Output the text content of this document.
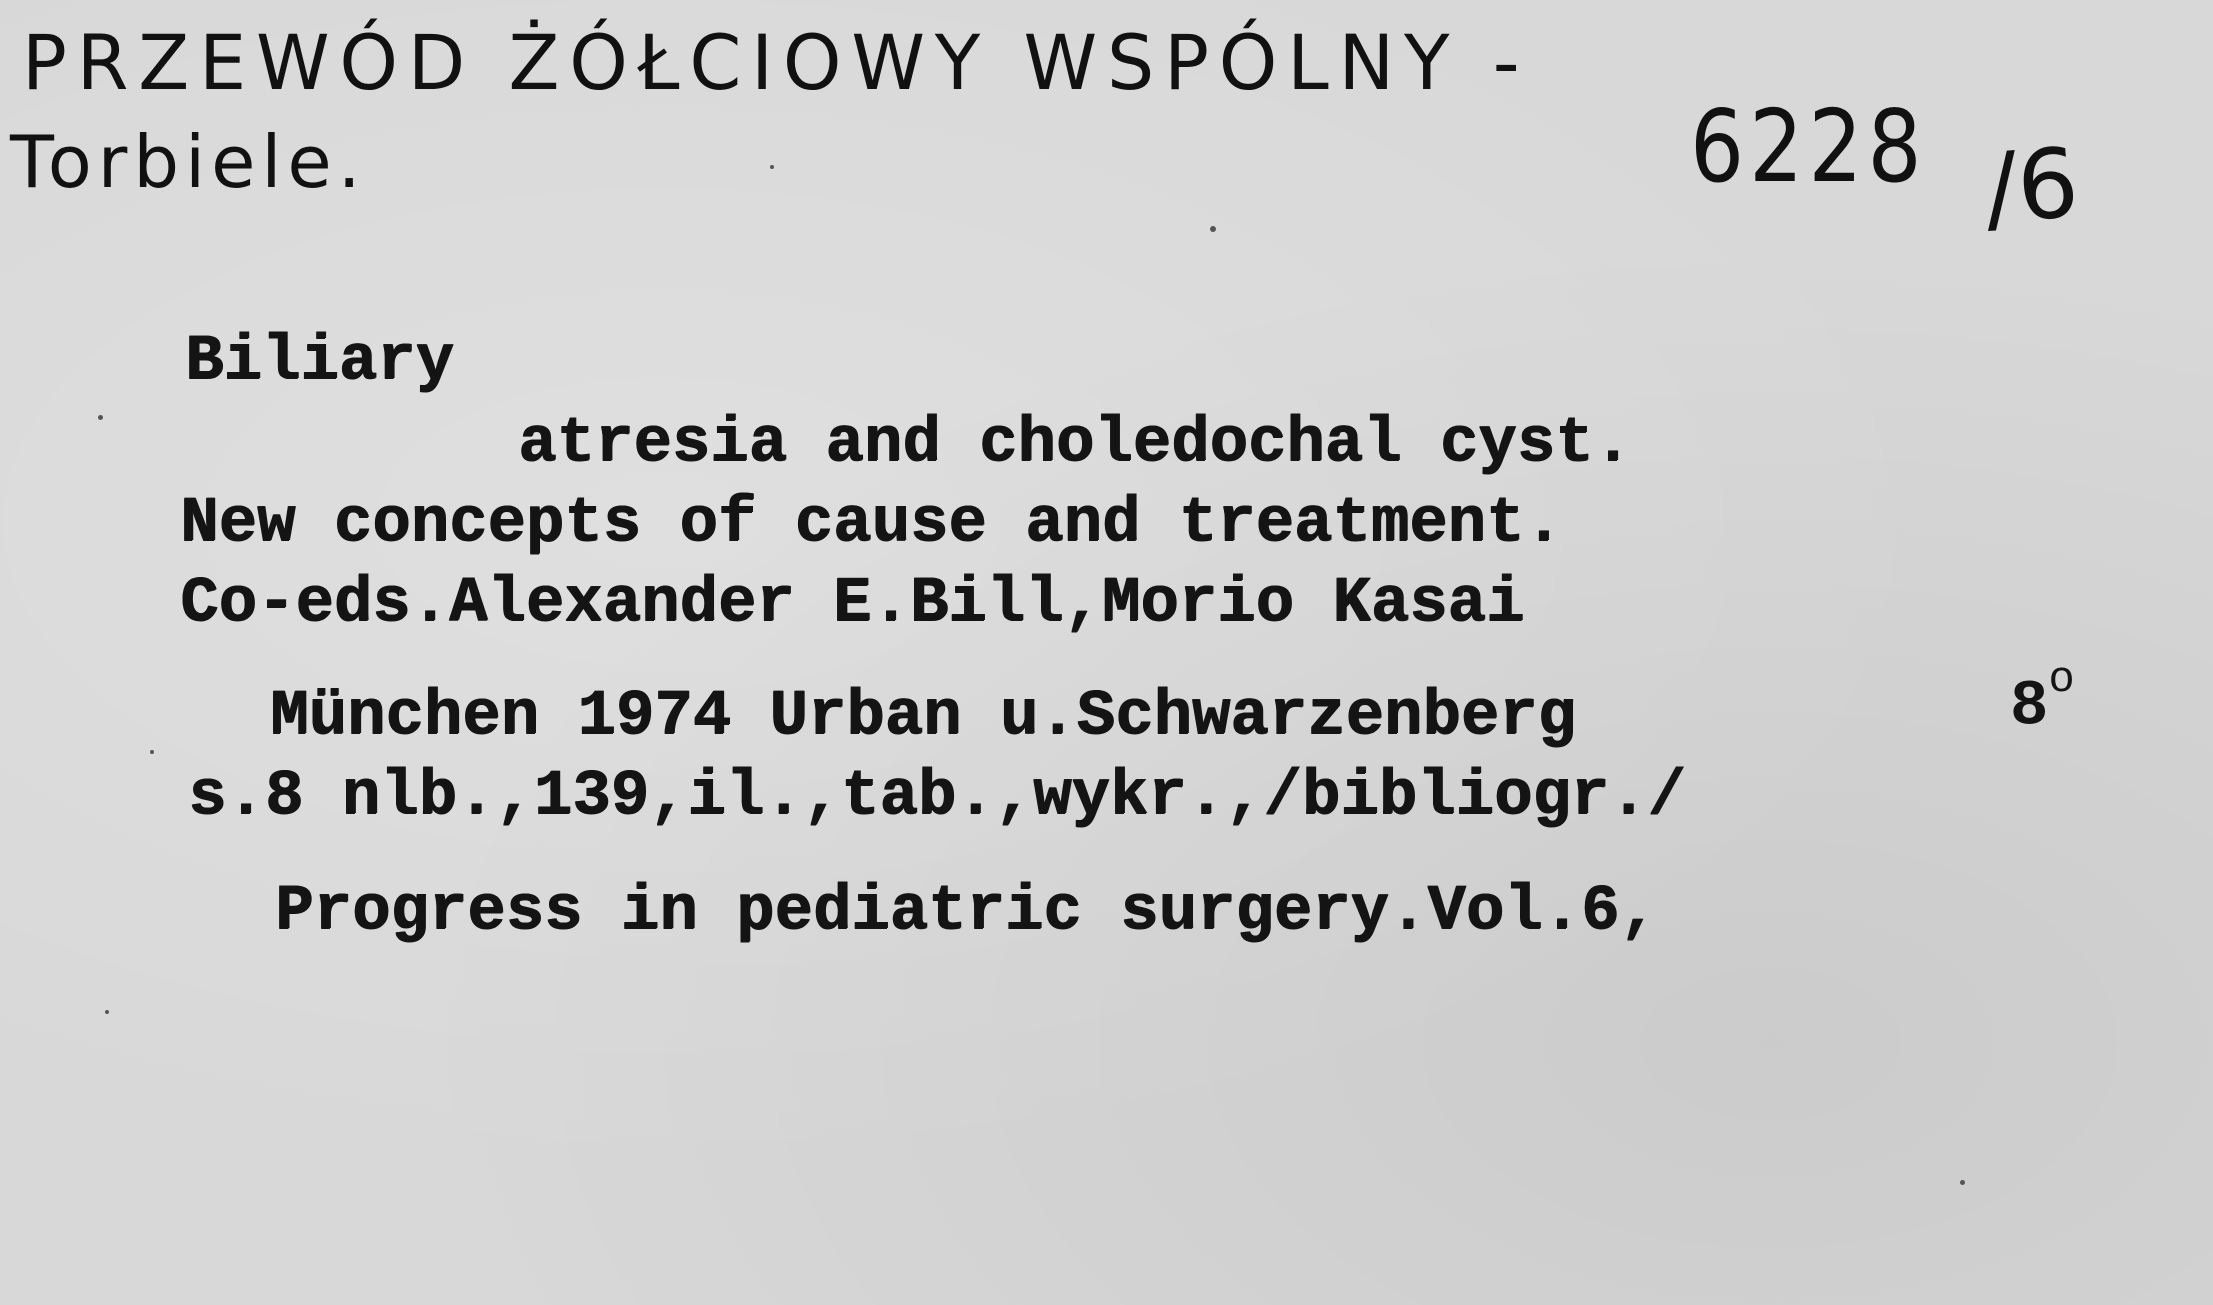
PRZEWÓD ŻÓŁCIOWY WSPÓLNY -
Torbiele.	6228 /6
Biliary
atresia and choledochal cyst.
New concepts of cause and treatment.
Co-eds.Alexander E.Bill,Morio Kasai
München 1974 Urban u.Schwarzenberg	8$^o$
s.8 nlb.,139,il.,tab.,wykr.,/bibliogr./
Progress in pediatric surgery.Vol.6,
